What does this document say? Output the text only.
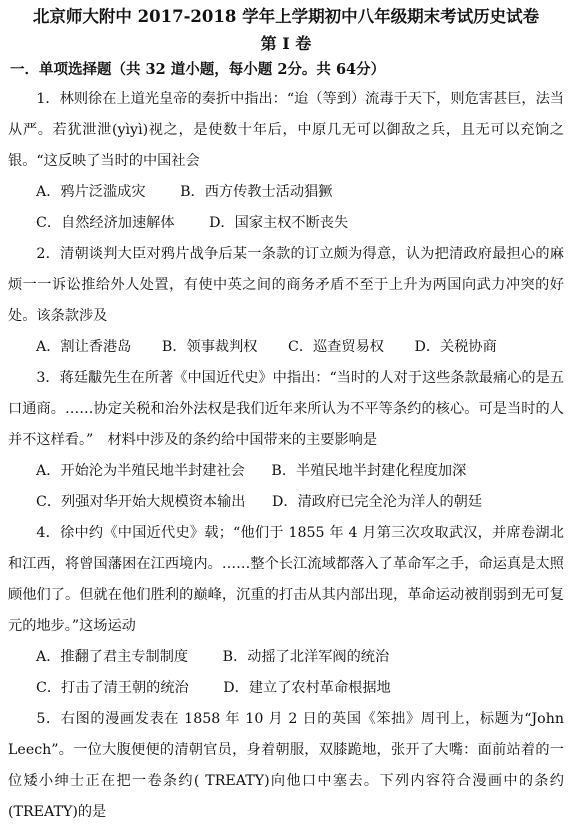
北京师大附中 2017-2018 学年上学期初中八年级期末考试历史试卷

第 I 卷

一．单项选择题（共 32 道小题，每小题 2分。共 64分）

1．林则徐在上道光皇帝的奏折中指出：“迨（等到）流毒于天下，则危害甚巨，法当从严。若犹泄泄(yìyì)视之，是使数十年后，中原几无可以御敌之兵，且无可以充饷之银。“这反映了当时的中国社会

A．鸦片泛滥成灾 B．西方传教士活动猖獗

C．自然经济加速解体 D．国家主权不断丧失

2．清朝谈判大臣对鸦片战争后某一条款的订立颇为得意，认为把清政府最担心的麻烦一一诉讼推给外人处置，有使中英之间的商务矛盾不至于上升为两国向武力冲突的好处。该条款涉及

A．割让香港岛 B．领事裁判权 C．巡查贸易权 D．关税协商

3．蒋廷黻先生在所著《中国近代史》中指出：“当时的人对于这些条款最痛心的是五口通商。……协定关税和治外法权是我们近年来所认为不平等条约的核心。可是当时的人并不这样看。”　材料中涉及的条约给中国带来的主要影响是

A．开始沦为半殖民地半封建社会 B．半殖民地半封建化程度加深

C．列强对华开始大规模资本输出 D．清政府已完全沦为洋人的朝廷

4．徐中约《中国近代史》载；“他们于 1855 年 4 月第三次攻取武汉，并席卷湖北和江西，将曾国藩困在江西境内。……整个长江流域都落入了革命军之手，命运真是太照顾他们了。但就在他们胜利的巅峰，沉重的打击从其内部出现，革命运动被削弱到无可复元的地步。”这场运动

A．推翻了君主专制制度 B．动摇了北洋军阀的统治

C．打击了清王朝的统治 D．建立了农村革命根据地

5．右图的漫画发表在 1858 年 10 月 2 日的英国《笨拙》周刊上，标题为“John Leech”。一位大腹便便的清朝官员，身着朝服，双膝跪地，张开了大嘴：面前站着的一位矮小绅士正在把一卷条约( TREATY)向他口中塞去。下列内容符合漫画中的条约(TREATY)的是
